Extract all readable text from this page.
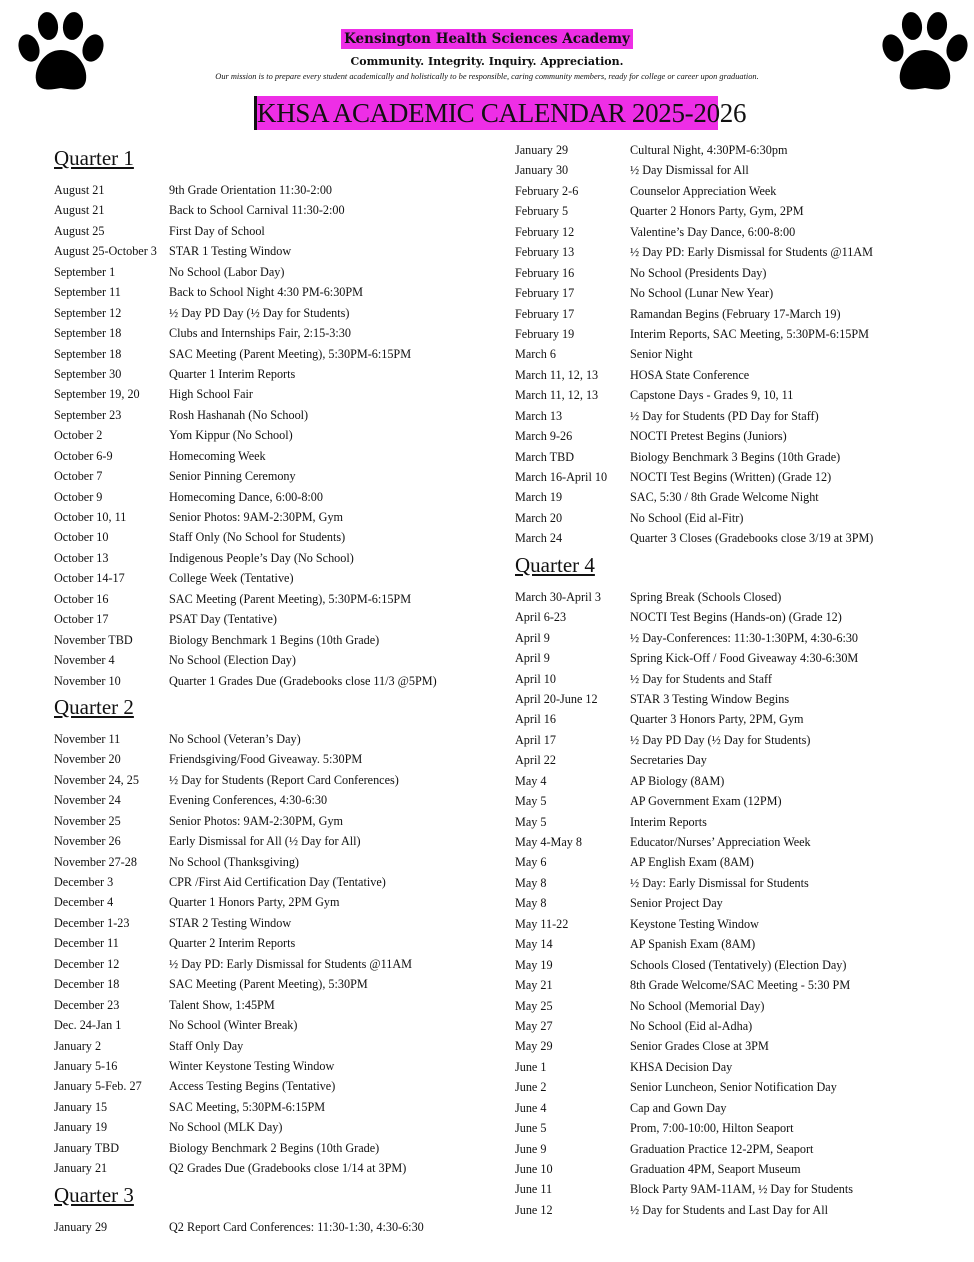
Kensington Health Sciences Academy
Community. Integrity. Inquiry. Appreciation.
Our mission is to prepare every student academically and holistically to be responsible, caring community members, ready for college or career upon graduation.
KHSA ACADEMIC CALENDAR 2025-2026
Quarter 1
August 21	9th Grade Orientation 11:30-2:00
August 21	Back to School Carnival 11:30-2:00
August 25	First Day of School
August 25-October 3 STAR 1 Testing Window
September 1	No School (Labor Day)
September 11	Back to School Night 4:30 PM-6:30PM
September 12	½ Day PD Day (½ Day for Students)
September 18	Clubs and Internships Fair, 2:15-3:30
September 18	SAC Meeting (Parent Meeting), 5:30PM-6:15PM
September 30	Quarter 1 Interim Reports
September 19, 20	High School Fair
September 23	Rosh Hashanah (No School)
October 2	Yom Kippur (No School)
October 6-9	Homecoming Week
October 7	Senior Pinning Ceremony
October 9	Homecoming Dance, 6:00-8:00
October 10, 11	Senior Photos: 9AM-2:30PM, Gym
October 10	Staff Only (No School for Students)
October 13	Indigenous People’s Day (No School)
October 14-17	College Week (Tentative)
October 16	SAC Meeting (Parent Meeting), 5:30PM-6:15PM
October 17	PSAT Day (Tentative)
November TBD	Biology Benchmark 1 Begins (10th Grade)
November 4	No School (Election Day)
November 10	Quarter 1 Grades Due (Gradebooks close 11/3 @5PM)
Quarter 2
November 11	No School (Veteran’s Day)
November 20	Friendsgiving/Food Giveaway. 5:30PM
November 24, 25	½ Day for Students (Report Card Conferences)
November 24	Evening Conferences, 4:30-6:30
November 25	Senior Photos: 9AM-2:30PM, Gym
November 26	Early Dismissal for All (½ Day for All)
November 27-28	No School (Thanksgiving)
December 3	CPR /First Aid Certification Day (Tentative)
December 4	Quarter 1 Honors Party, 2PM Gym
December 1-23	STAR 2 Testing Window
December 11	Quarter 2 Interim Reports
December 12	½ Day PD: Early Dismissal for Students @11AM
December 18	SAC Meeting (Parent Meeting), 5:30PM
December 23	Talent Show, 1:45PM
Dec. 24-Jan 1	No School (Winter Break)
January 2	Staff Only Day
January 5-16	Winter Keystone Testing Window
January 5-Feb. 27	Access Testing Begins (Tentative)
January 15	SAC Meeting, 5:30PM-6:15PM
January 19	No School (MLK Day)
January TBD	Biology Benchmark 2 Begins (10th Grade)
January 21	Q2 Grades Due (Gradebooks close 1/14 at 3PM)
Quarter 3
January 29	Q2 Report Card Conferences: 11:30-1:30, 4:30-6:30
January 29	Cultural Night, 4:30PM-6:30pm
January 30	½ Day Dismissal for All
February 2-6	Counselor Appreciation Week
February 5	Quarter 2 Honors Party, Gym, 2PM
February 12	Valentine’s Day Dance, 6:00-8:00
February 13	½ Day PD: Early Dismissal for Students @11AM
February 16	No School (Presidents Day)
February 17	No School (Lunar New Year)
February 17	Ramandan Begins (February 17-March 19)
February 19	Interim Reports, SAC Meeting, 5:30PM-6:15PM
March 6	Senior Night
March 11, 12, 13	HOSA State Conference
March 11, 12, 13	Capstone Days - Grades 9, 10, 11
March 13	½ Day for Students (PD Day for Staff)
March 9-26	NOCTI Pretest Begins (Juniors)
March TBD	Biology Benchmark 3 Begins (10th Grade)
March 16-April 10	NOCTI Test Begins (Written) (Grade 12)
March 19	SAC, 5:30 / 8th Grade Welcome Night
March 20	No School (Eid al-Fitr)
March 24	Quarter 3 Closes (Gradebooks close 3/19 at 3PM)
Quarter 4
March 30-April 3	Spring Break (Schools Closed)
April 6-23	NOCTI Test Begins (Hands-on) (Grade 12)
April 9	½ Day-Conferences: 11:30-1:30PM, 4:30-6:30
April 9	Spring Kick-Off / Food Giveaway 4:30-6:30M
April 10	½ Day for Students and Staff
April 20-June 12	STAR 3 Testing Window Begins
April 16	Quarter 3 Honors Party, 2PM, Gym
April 17	½ Day PD Day (½ Day for Students)
April 22	Secretaries Day
May 4	AP Biology (8AM)
May 5	AP Government Exam (12PM)
May 5	Interim Reports
May 4-May 8	Educator/Nurses’ Appreciation Week
May 6	AP English Exam (8AM)
May 8	½ Day: Early Dismissal for Students
May 8	Senior Project Day
May 11-22	Keystone Testing Window
May 14	AP Spanish Exam (8AM)
May 19	Schools Closed (Tentatively) (Election Day)
May 21	8th Grade Welcome/SAC Meeting - 5:30 PM
May 25	No School (Memorial Day)
May 27	No School (Eid al-Adha)
May 29	Senior Grades Close at 3PM
June 1	KHSA Decision Day
June 2	Senior Luncheon, Senior Notification Day
June 4	Cap and Gown Day
June 5	Prom, 7:00-10:00, Hilton Seaport
June 9	Graduation Practice 12-2PM, Seaport
June 10	Graduation 4PM, Seaport Museum
June 11	Block Party 9AM-11AM, ½ Day for Students
June 12	½ Day for Students and Last Day for All
